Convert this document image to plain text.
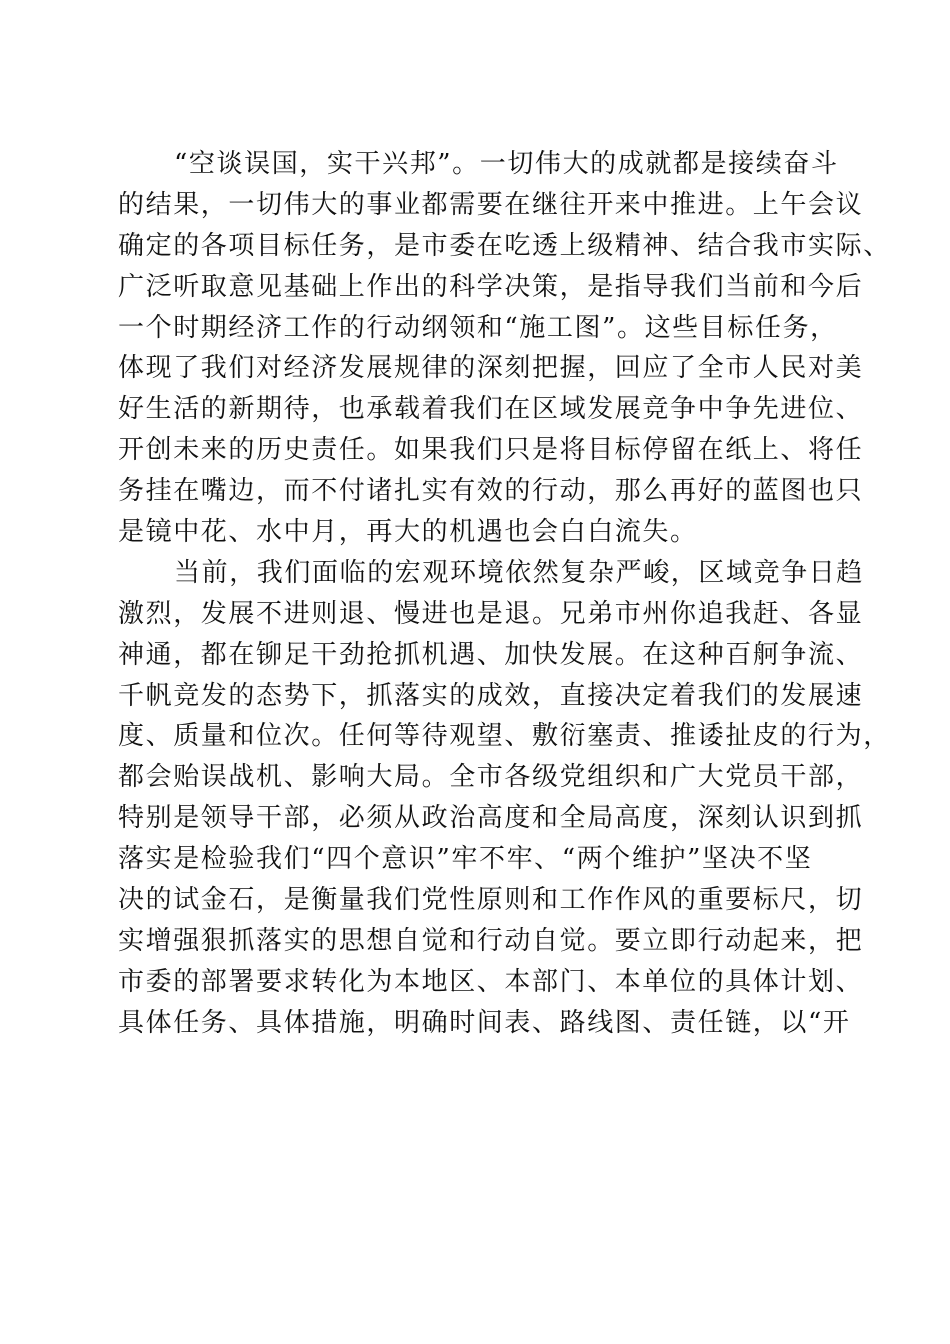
“空谈误国，实干兴邦”。一切伟大的成就都是接续奋斗
的结果，一切伟大的事业都需要在继往开来中推进。上午会议
确定的各项目标任务，是市委在吃透上级精神、结合我市实际、
广泛听取意见基础上作出的科学决策，是指导我们当前和今后
一个时期经济工作的行动纲领和“施工图”。这些目标任务，
体现了我们对经济发展规律的深刻把握，回应了全市人民对美
好生活的新期待，也承载着我们在区域发展竞争中争先进位、
开创未来的历史责任。如果我们只是将目标停留在纸上、将任
务挂在嘴边，而不付诸扎实有效的行动，那么再好的蓝图也只
是镜中花、水中月，再大的机遇也会白白流失。
当前，我们面临的宏观环境依然复杂严峻，区域竞争日趋
激烈，发展不进则退、慢进也是退。兄弟市州你追我赶、各显
神通，都在铆足干劲抢抓机遇、加快发展。在这种百舸争流、
千帆竞发的态势下，抓落实的成效，直接决定着我们的发展速
度、质量和位次。任何等待观望、敷衍塞责、推诿扯皮的行为，
都会贻误战机、影响大局。全市各级党组织和广大党员干部，
特别是领导干部，必须从政治高度和全局高度，深刻认识到抓
落实是检验我们“四个意识”牢不牢、“两个维护”坚决不坚
决的试金石，是衡量我们党性原则和工作作风的重要标尺，切
实增强狠抓落实的思想自觉和行动自觉。要立即行动起来，把
市委的部署要求转化为本地区、本部门、本单位的具体计划、
具体任务、具体措施，明确时间表、路线图、责任链，以“开
